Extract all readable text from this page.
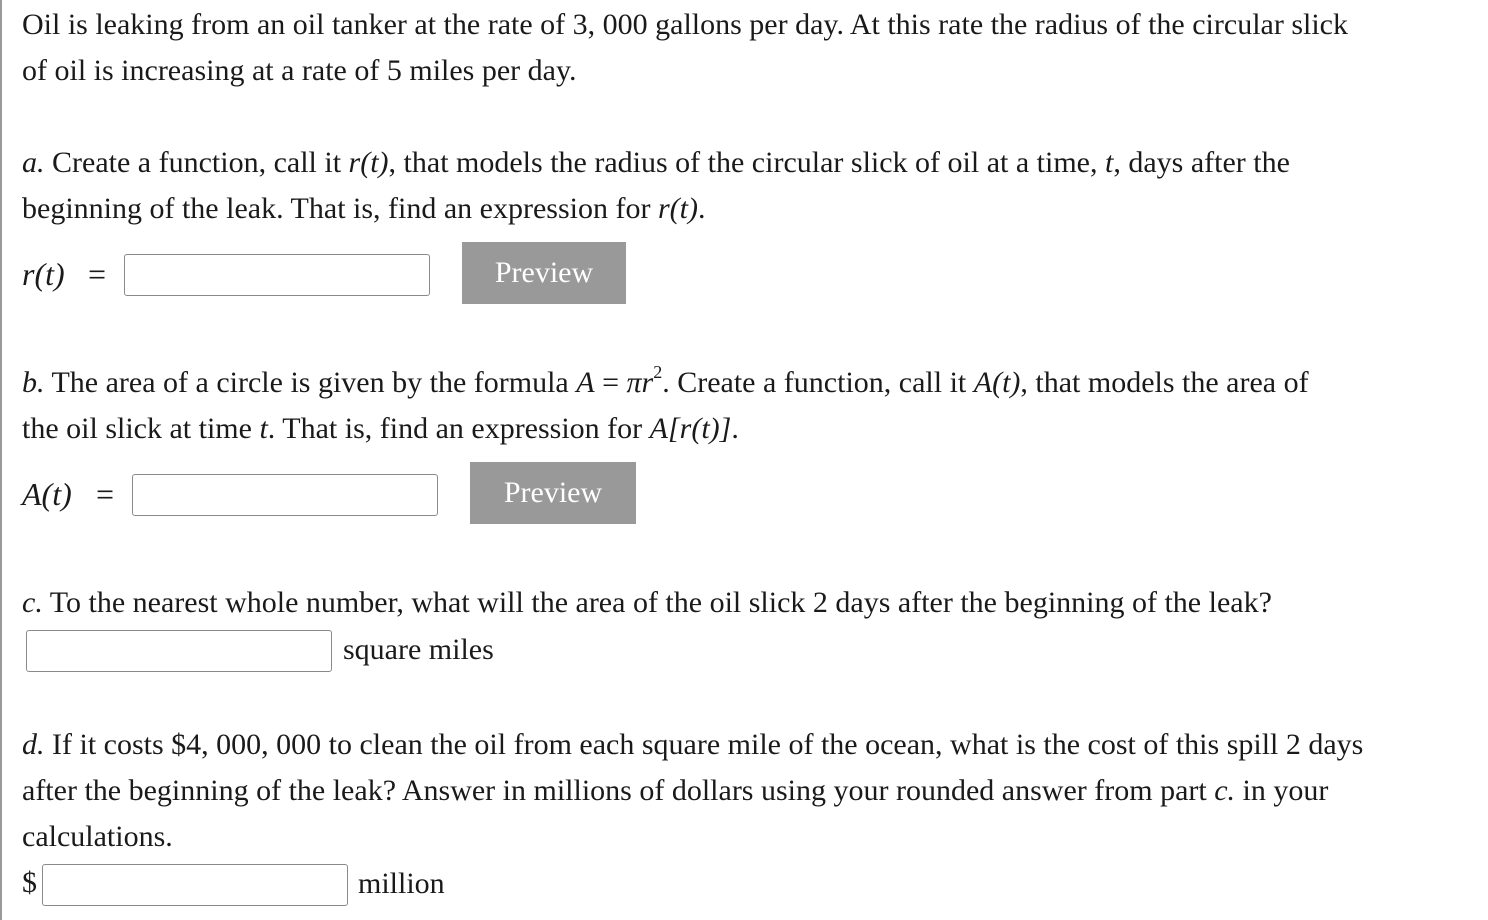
Oil is leaking from an oil tanker at the rate of 3, 000 gallons per day. At this rate the radius of the circular slick
of oil is increasing at a rate of 5 miles per day.

a. Create a function, call it r(t), that models the radius of the circular slick of oil at a time, t, days after the
beginning of the leak. That is, find an expression for r(t).

r(t) =	Preview

b. The area of a circle is given by the formula $A = \pi r^2$. Create a function, call it A(t), that models the area of
the oil slick at time t. That is, find an expression for A[r(t)].

A(t) =	Preview

c. To the nearest whole number, what will the area of the oil slick 2 days after the beginning of the leak?

square miles

d. If it costs $4, 000, 000 to clean the oil from each square mile of the ocean, what is the cost of this spill 2 days
after the beginning of the leak? Answer in millions of dollars using your rounded answer from part c. in your
calculations.

$	million
